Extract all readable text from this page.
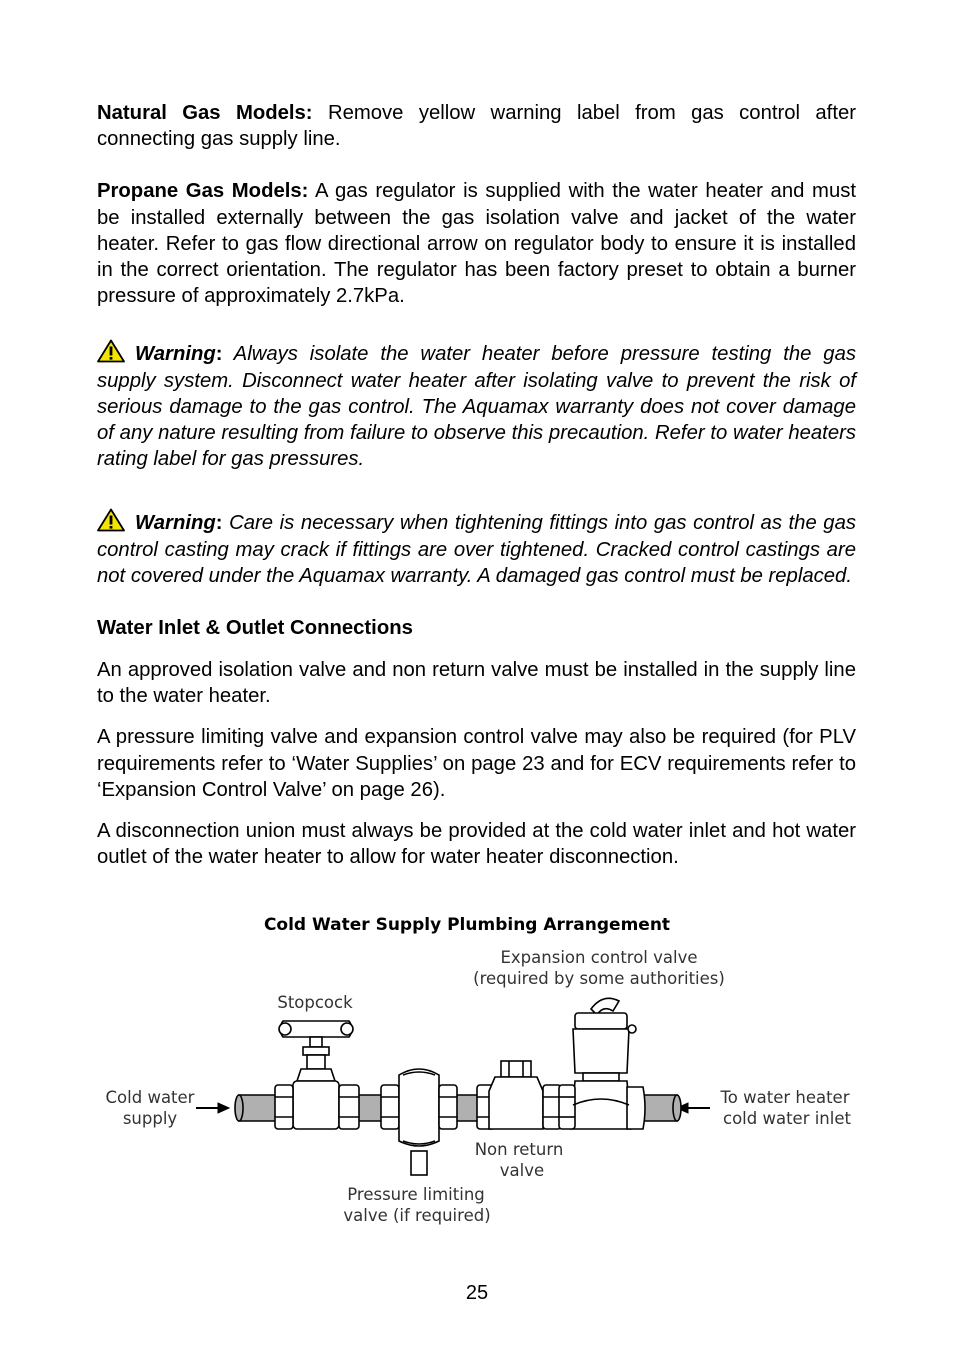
Natural Gas Models: Remove yellow warning label from gas control after connecting gas supply line.

Propane Gas Models: A gas regulator is supplied with the water heater and must be installed externally between the gas isolation valve and jacket of the water heater. Refer to gas flow directional arrow on regulator body to ensure it is installed in the correct orientation. The regulator has been factory preset to obtain a burner pressure of approximately 2.7kPa.

Warning: Always isolate the water heater before pressure testing the gas supply system. Disconnect water heater after isolating valve to prevent the risk of serious damage to the gas control. The Aquamax warranty does not cover damage of any nature resulting from failure to observe this precaution. Refer to water heaters rating label for gas pressures.

Warning: Care is necessary when tightening fittings into gas control as the gas control casting may crack if fittings are over tightened. Cracked control castings are not covered under the Aquamax warranty. A damaged gas control must be replaced.

Water Inlet & Outlet Connections

An approved isolation valve and non return valve must be installed in the supply line to the water heater.

A pressure limiting valve and expansion control valve may also be required (for PLV requirements refer to ‘Water Supplies’ on page 23 and for ECV requirements refer to ‘Expansion Control Valve’ on page 26).

A disconnection union must always be provided at the cold water inlet and hot water outlet of the water heater to allow for water heater disconnection.

Cold Water Supply Plumbing Arrangement
Expansion control valve
(required by some authorities)
Stopcock
Cold water
supply
To water heater
cold water inlet
Non return
valve
Pressure limiting
valve (if required)
25
